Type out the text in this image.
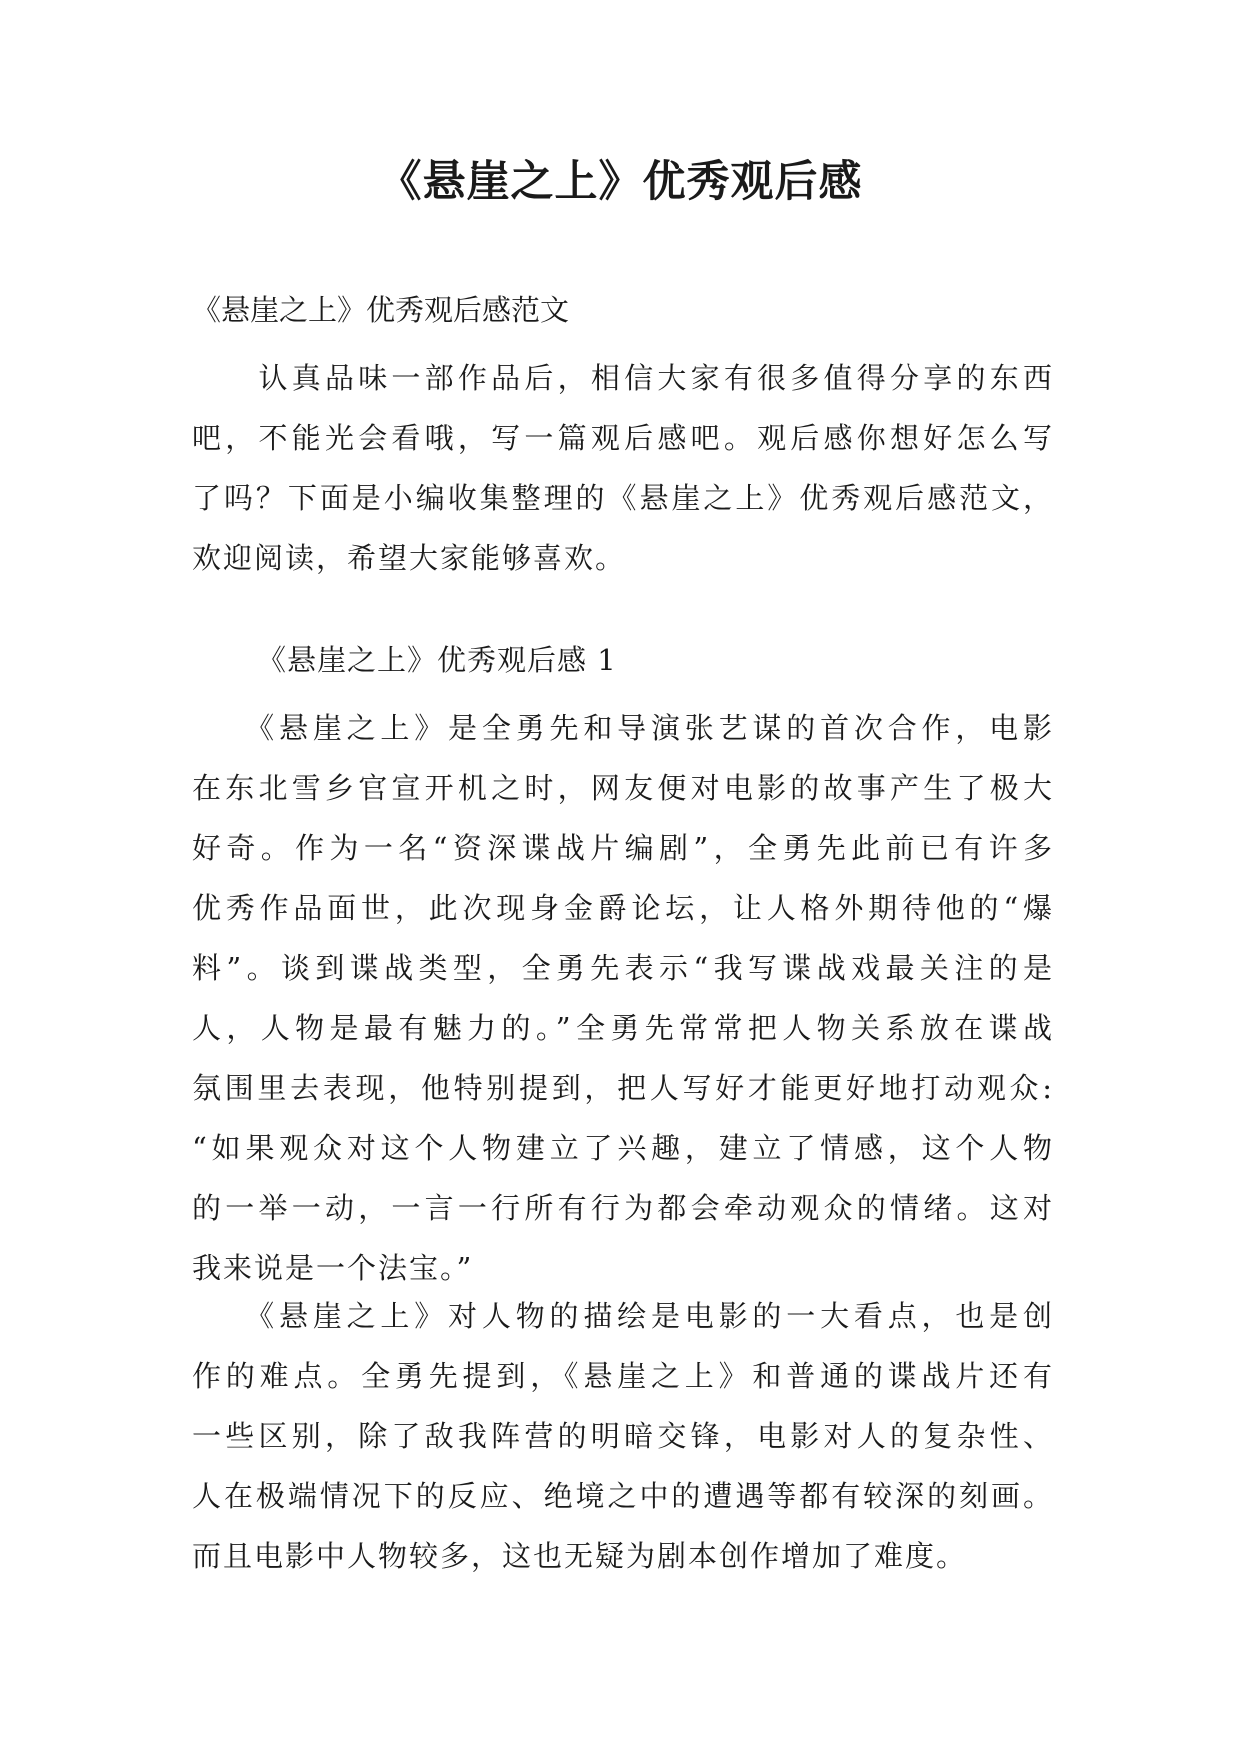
《悬崖之上》优秀观后感

《悬崖之上》优秀观后感范文

　　认真品味一部作品后，相信大家有很多值得分享的东西
吧，不能光会看哦，写一篇观后感吧。观后感你想好怎么写
了吗？下面是小编收集整理的《悬崖之上》优秀观后感范文，
欢迎阅读，希望大家能够喜欢。

《悬崖之上》优秀观后感 1

　　《悬崖之上》是全勇先和导演张艺谋的首次合作，电影
在东北雪乡官宣开机之时，网友便对电影的故事产生了极大
好奇。作为一名“资深谍战片编剧”，全勇先此前已有许多
优秀作品面世，此次现身金爵论坛，让人格外期待他的“爆
料”。谈到谍战类型，全勇先表示“我写谍战戏最关注的是
人，人物是最有魅力的。”全勇先常常把人物关系放在谍战
氛围里去表现，他特别提到，把人写好才能更好地打动观众:
“如果观众对这个人物建立了兴趣，建立了情感，这个人物
的一举一动，一言一行所有行为都会牵动观众的情绪。这对
我来说是一个法宝。”
　　《悬崖之上》对人物的描绘是电影的一大看点，也是创
作的难点。全勇先提到，《悬崖之上》和普通的谍战片还有
一些区别，除了敌我阵营的明暗交锋，电影对人的复杂性、
人在极端情况下的反应、绝境之中的遭遇等都有较深的刻画。
而且电影中人物较多，这也无疑为剧本创作增加了难度。
